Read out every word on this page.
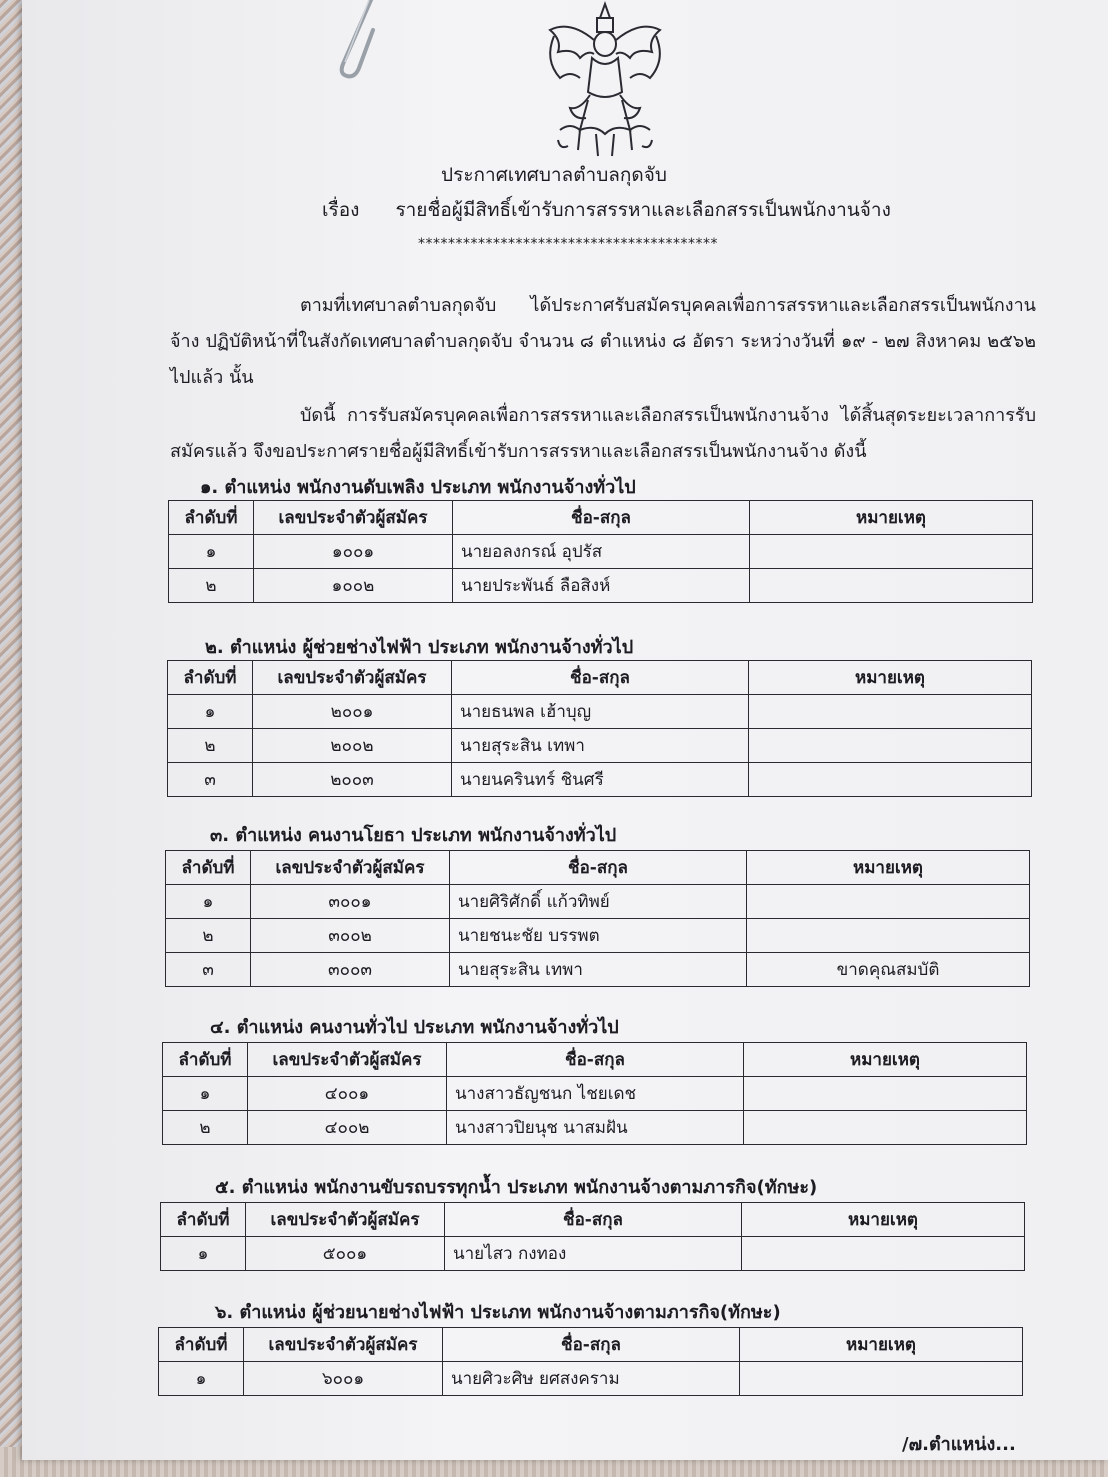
ประกาศเทศบาลตำบลกุดจับ
เรื่อง รายชื่อผู้มีสิทธิ์เข้ารับการสรรหาและเลือกสรรเป็นพนักงานจ้าง
****************************************
ตามที่เทศบาลตำบลกุดจับ ได้ประกาศรับสมัครบุคคลเพื่อการสรรหาและเลือกสรรเป็นพนักงานจ้าง ปฏิบัติหน้าที่ในสังกัดเทศบาลตำบลกุดจับ จำนวน ๘ ตำแหน่ง ๘ อัตรา ระหว่างวันที่ ๑๙ - ๒๗ สิงหาคม ๒๕๖๒ ไปแล้ว นั้น
บัดนี้ การรับสมัครบุคคลเพื่อการสรรหาและเลือกสรรเป็นพนักงานจ้าง ได้สิ้นสุดระยะเวลาการรับสมัครแล้ว จึงขอประกาศรายชื่อผู้มีสิทธิ์เข้ารับการสรรหาและเลือกสรรเป็นพนักงานจ้าง ดังนี้
๑. ตำแหน่ง พนักงานดับเพลิง ประเภท พนักงานจ้างทั่วไป
ลำดับที่	เลขประจำตัวผู้สมัคร	ชื่อ-สกุล	หมายเหตุ
๑	๑๐๐๑	นายอลงกรณ์ อุปรัส	
๒	๑๐๐๒	นายประพันธ์ ลือสิงห์	
๒. ตำแหน่ง ผู้ช่วยช่างไฟฟ้า ประเภท พนักงานจ้างทั่วไป
ลำดับที่	เลขประจำตัวผู้สมัคร	ชื่อ-สกุล	หมายเหตุ
๑	๒๐๐๑	นายธนพล เฮ้าบุญ	
๒	๒๐๐๒	นายสุระสิน เทพา	
๓	๒๐๐๓	นายนครินทร์ ชินศรี	
๓. ตำแหน่ง คนงานโยธา ประเภท พนักงานจ้างทั่วไป
ลำดับที่	เลขประจำตัวผู้สมัคร	ชื่อ-สกุล	หมายเหตุ
๑	๓๐๐๑	นายศิริศักดิ์ แก้วทิพย์	
๒	๓๐๐๒	นายชนะชัย บรรพต	
๓	๓๐๐๓	นายสุระสิน เทพา	ขาดคุณสมบัติ
๔. ตำแหน่ง คนงานทั่วไป ประเภท พนักงานจ้างทั่วไป
ลำดับที่	เลขประจำตัวผู้สมัคร	ชื่อ-สกุล	หมายเหตุ
๑	๔๐๐๑	นางสาวธัญชนก ไชยเดช	
๒	๔๐๐๒	นางสาวปิยนุช นาสมฝัน	
๕. ตำแหน่ง พนักงานขับรถบรรทุกน้ำ ประเภท พนักงานจ้างตามภารกิจ(ทักษะ)
ลำดับที่	เลขประจำตัวผู้สมัคร	ชื่อ-สกุล	หมายเหตุ
๑	๕๐๐๑	นายไสว กงทอง	
๖. ตำแหน่ง ผู้ช่วยนายช่างไฟฟ้า ประเภท พนักงานจ้างตามภารกิจ(ทักษะ)
ลำดับที่	เลขประจำตัวผู้สมัคร	ชื่อ-สกุล	หมายเหตุ
๑	๖๐๐๑	นายศิวะศิษ ยศสงคราม	
/๗.ตำแหน่ง...
